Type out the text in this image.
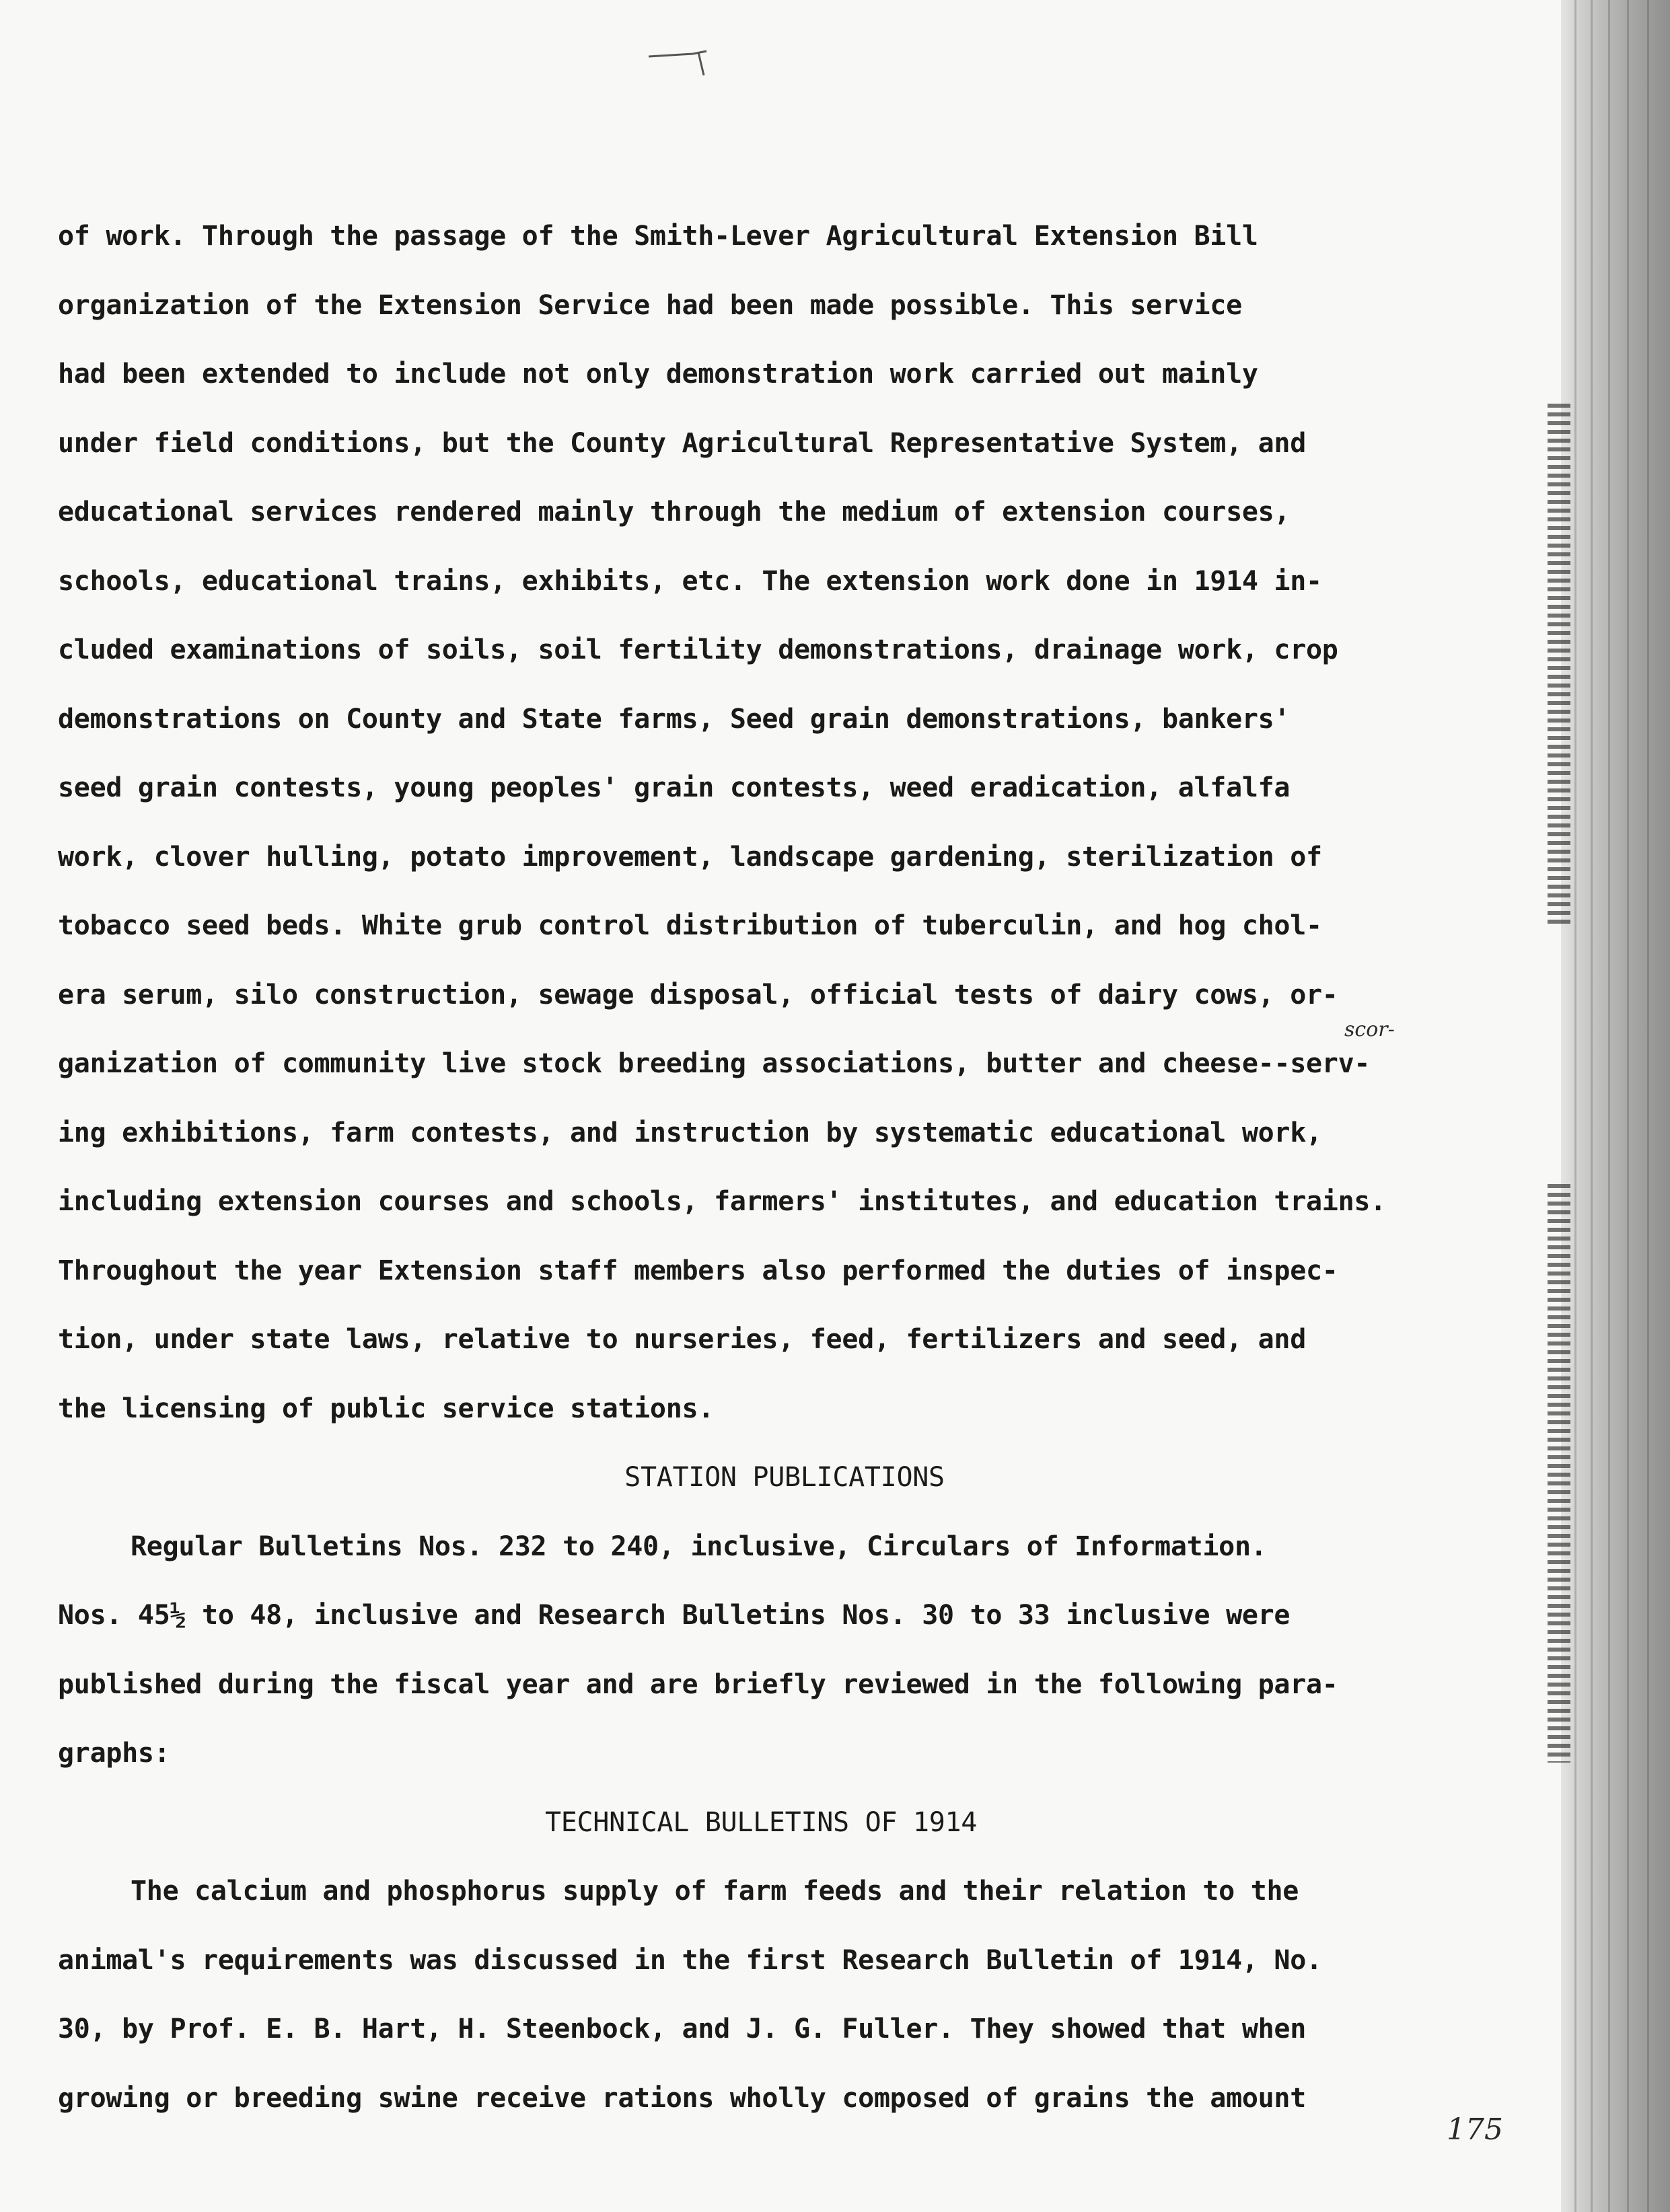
of work. Through the passage of the Smith-Lever Agricultural Extension Bill
organization of the Extension Service had been made possible. This service
had been extended to include not only demonstration work carried out mainly
under field conditions, but the County Agricultural Representative System, and
educational services rendered mainly through the medium of extension courses,
schools, educational trains, exhibits, etc. The extension work done in 1914 in-
cluded examinations of soils, soil fertility demonstrations, drainage work, crop
demonstrations on County and State farms, Seed grain demonstrations, bankers'
seed grain contests, young peoples' grain contests, weed eradication, alfalfa
work, clover hulling, potato improvement, landscape gardening, sterilization of
tobacco seed beds. White grub control distribution of tuberculin, and hog chol-
era serum, silo construction, sewage disposal, official tests of dairy cows, or-
ganization of community live stock breeding associations, butter and cheese--serv-
ing exhibitions, farm contests, and instruction by systematic educational work,
including extension courses and schools, farmers' institutes, and education trains.
Throughout the year Extension staff members also performed the duties of inspec-
tion, under state laws, relative to nurseries, feed, fertilizers and seed, and
the licensing of public service stations.
STATION PUBLICATIONS
Regular Bulletins Nos. 232 to 240, inclusive, Circulars of Information.
Nos. 45½ to 48, inclusive and Research Bulletins Nos. 30 to 33 inclusive were
published during the fiscal year and are briefly reviewed in the following para-
graphs:
TECHNICAL BULLETINS OF 1914
The calcium and phosphorus supply of farm feeds and their relation to the
animal's requirements was discussed in the first Research Bulletin of 1914, No.
30, by Prof. E. B. Hart, H. Steenbock, and J. G. Fuller. They showed that when
growing or breeding swine receive rations wholly composed of grains the amount
scor-
175
